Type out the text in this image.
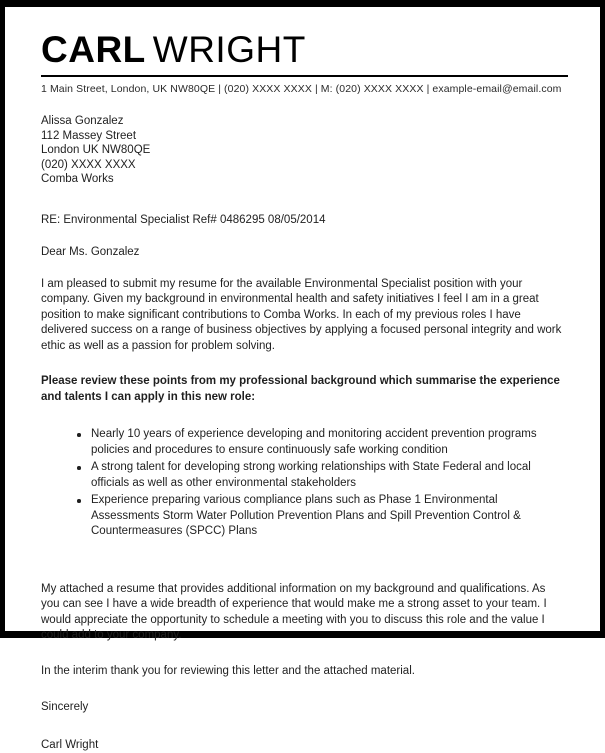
CARL WRIGHT
1 Main Street, London, UK NW80QE | (020) XXXX XXXX | M: (020) XXXX XXXX | example-email@email.com
Alissa Gonzalez
112 Massey Street
London UK NW80QE
(020) XXXX XXXX
Comba Works
RE: Environmental Specialist Ref# 0486295 08/05/2014
Dear Ms. Gonzalez

I am pleased to submit my resume for the available Environmental Specialist position with your company. Given my background in environmental health and safety initiatives I feel I am in a great position to make significant contributions to Comba Works. In each of my previous roles I have delivered success on a range of business objectives by applying a focused personal integrity and work ethic as well as a passion for problem solving.

Please review these points from my professional background which summarise the experience and talents I can apply in this new role:

Nearly 10 years of experience developing and monitoring accident prevention programs policies and procedures to ensure continuously safe working condition
A strong talent for developing strong working relationships with State Federal and local officials as well as other environmental stakeholders
Experience preparing various compliance plans such as Phase 1 Environmental Assessments Storm Water Pollution Prevention Plans and Spill Prevention Control & Countermeasures (SPCC) Plans

My attached a resume that provides additional information on my background and qualifications. As you can see I have a wide breadth of experience that would make me a strong asset to your team. I would appreciate the opportunity to schedule a meeting with you to discuss this role and the value I could add to your company.

In the interim thank you for reviewing this letter and the attached material.

Sincerely
Carl Wright
